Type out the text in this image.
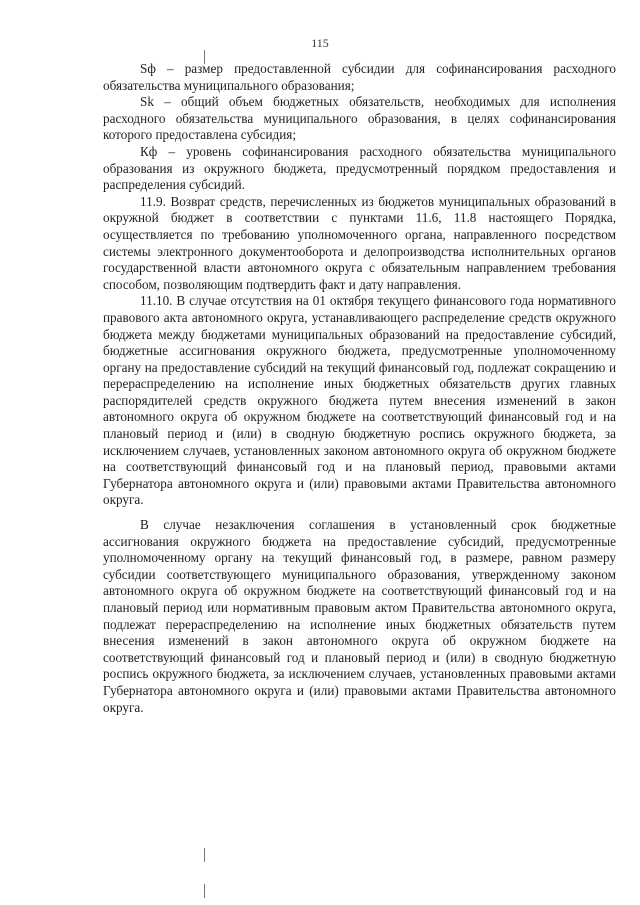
115

Sф – размер предоставленной субсидии для софинансирования расходного обязательства муниципального образования;

Sk – общий объем бюджетных обязательств, необходимых для исполнения расходного обязательства муниципального образования, в целях софинансирования которого предоставлена субсидия;

Кф – уровень софинансирования расходного обязательства муниципального образования из окружного бюджета, предусмотренный порядком предоставления и распределения субсидий.

11.9. Возврат средств, перечисленных из бюджетов муниципальных образований в окружной бюджет в соответствии с пунктами 11.6, 11.8 настоящего Порядка, осуществляется по требованию уполномоченного органа, направленного посредством системы электронного документооборота и делопроизводства исполнительных органов государственной власти автономного округа с обязательным направлением требования способом, позволяющим подтвердить факт и дату направления.

11.10. В случае отсутствия на 01 октября текущего финансового года нормативного правового акта автономного округа, устанавливающего распределение средств окружного бюджета между бюджетами муниципальных образований на предоставление субсидий, бюджетные ассигнования окружного бюджета, предусмотренные уполномоченному органу на предоставление субсидий на текущий финансовый год, подлежат сокращению и перераспределению на исполнение иных бюджетных обязательств других главных распорядителей средств окружного бюджета путем внесения изменений в закон автономного округа об окружном бюджете на соответствующий финансовый год и на плановый период и (или) в сводную бюджетную роспись окружного бюджета, за исключением случаев, установленных законом автономного округа об окружном бюджете на соответствующий финансовый год и на плановый период, правовыми актами Губернатора автономного округа и (или) правовыми актами Правительства автономного округа.

В случае незаключения соглашения в установленный срок бюджетные ассигнования окружного бюджета на предоставление субсидий, предусмотренные уполномоченному органу на текущий финансовый год, в размере, равном размеру субсидии соответствующего муниципального образования, утвержденному законом автономного округа об окружном бюджете на соответствующий финансовый год и на плановый период или нормативным правовым актом Правительства автономного округа, подлежат перераспределению на исполнение иных бюджетных обязательств путем внесения изменений в закон автономного округа об окружном бюджете на соответствующий финансовый год и плановый период и (или) в сводную бюджетную роспись окружного бюджета, за исключением случаев, установленных правовыми актами Губернатора автономного округа и (или) правовыми актами Правительства автономного округа.
